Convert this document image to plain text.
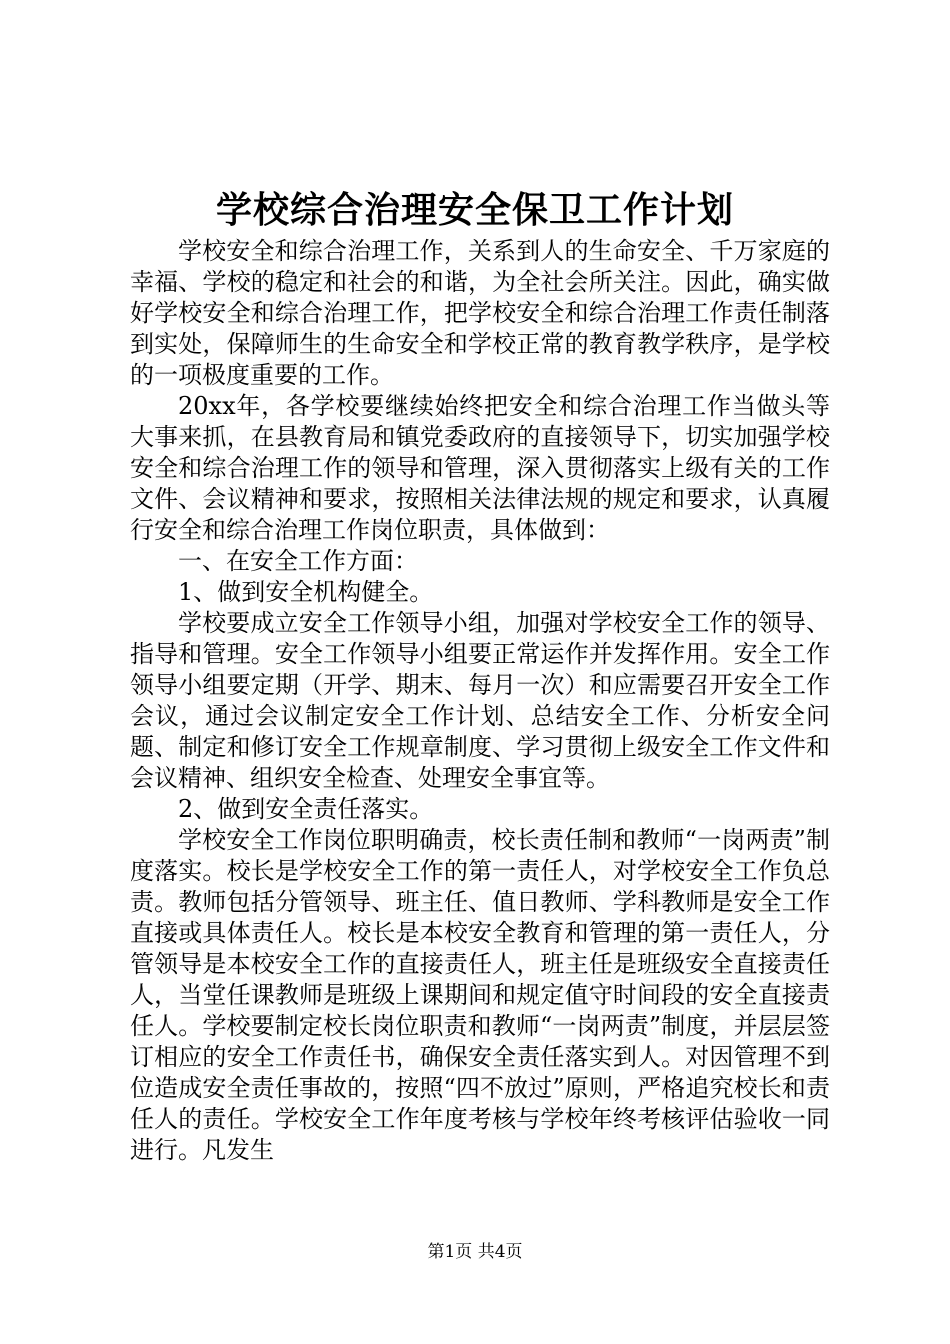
学校综合治理安全保卫工作计划

学校安全和综合治理工作，关系到人的生命安全、千万家庭的幸福、学校的稳定和社会的和谐，为全社会所关注。因此，确实做好学校安全和综合治理工作，把学校安全和综合治理工作责任制落到实处，保障师生的生命安全和学校正常的教育教学秩序，是学校的一项极度重要的工作。

20xx年，各学校要继续始终把安全和综合治理工作当做头等大事来抓，在县教育局和镇党委政府的直接领导下，切实加强学校安全和综合治理工作的领导和管理，深入贯彻落实上级有关的工作文件、会议精神和要求，按照相关法律法规的规定和要求，认真履行安全和综合治理工作岗位职责，具体做到：

一、在安全工作方面：

1、做到安全机构健全。

学校要成立安全工作领导小组，加强对学校安全工作的领导、指导和管理。安全工作领导小组要正常运作并发挥作用。安全工作领导小组要定期（开学、期末、每月一次）和应需要召开安全工作会议，通过会议制定安全工作计划、总结安全工作、分析安全问题、制定和修订安全工作规章制度、学习贯彻上级安全工作文件和会议精神、组织安全检查、处理安全事宜等。

2、做到安全责任落实。

学校安全工作岗位职明确责，校长责任制和教师“一岗两责”制度落实。校长是学校安全工作的第一责任人，对学校安全工作负总责。教师包括分管领导、班主任、值日教师、学科教师是安全工作直接或具体责任人。校长是本校安全教育和管理的第一责任人，分管领导是本校安全工作的直接责任人，班主任是班级安全直接责任人，当堂任课教师是班级上课期间和规定值守时间段的安全直接责任人。学校要制定校长岗位职责和教师“一岗两责”制度，并层层签订相应的安全工作责任书，确保安全责任落实到人。对因管理不到位造成安全责任事故的，按照“四不放过”原则，严格追究校长和责任人的责任。学校安全工作年度考核与学校年终考核评估验收一同进行。凡发生

第1页 共4页
